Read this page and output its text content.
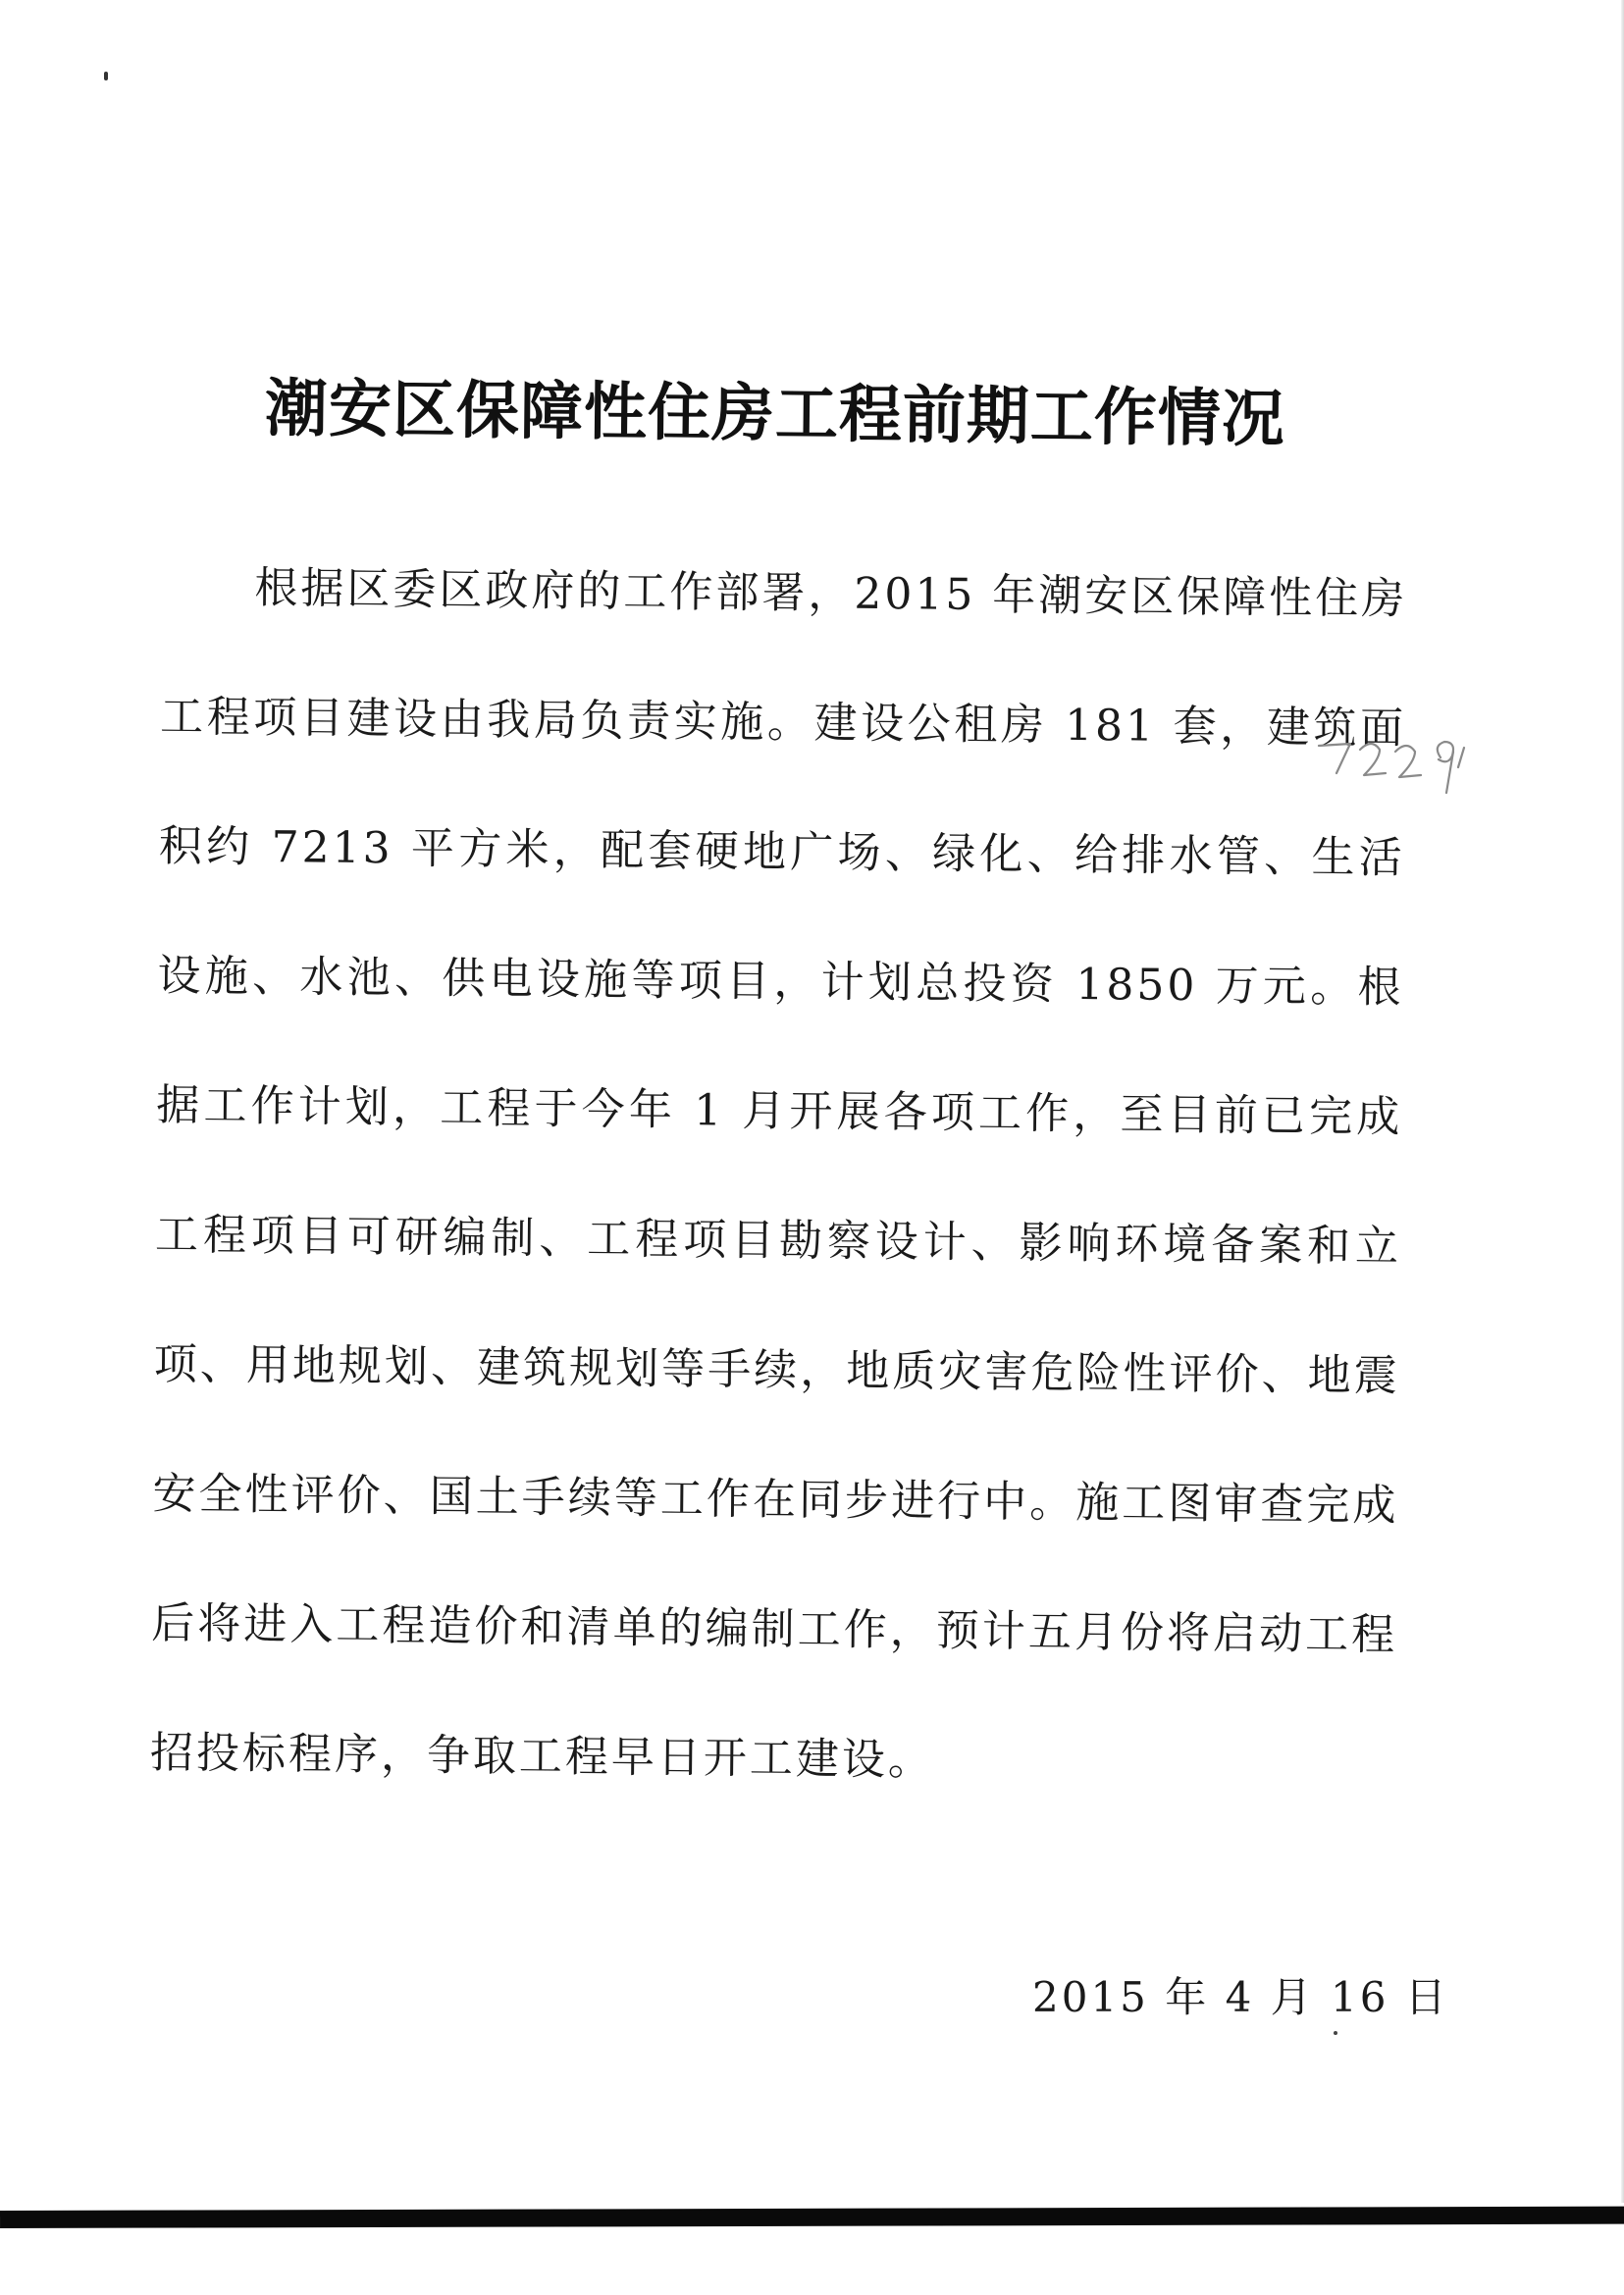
潮安区保障性住房工程前期工作情况
根据区委区政府的工作部署，2015 年潮安区保障性住房工程项目建设由我局负责实施。建设公租房 181 套，建筑面积约 7213 平方米，配套硬地广场、绿化、给排水管、生活设施、水池、供电设施等项目，计划总投资 1850 万元。根据工作计划，工程于今年 1 月开展各项工作，至目前已完成工程项目可研编制、工程项目勘察设计、影响环境备案和立项、用地规划、建筑规划等手续，地质灾害危险性评价、地震安全性评价、国土手续等工作在同步进行中。施工图审查完成后将进入工程造价和清单的编制工作，预计五月份将启动工程招投标程序，争取工程早日开工建设。
2015 年 4 月 16 日
